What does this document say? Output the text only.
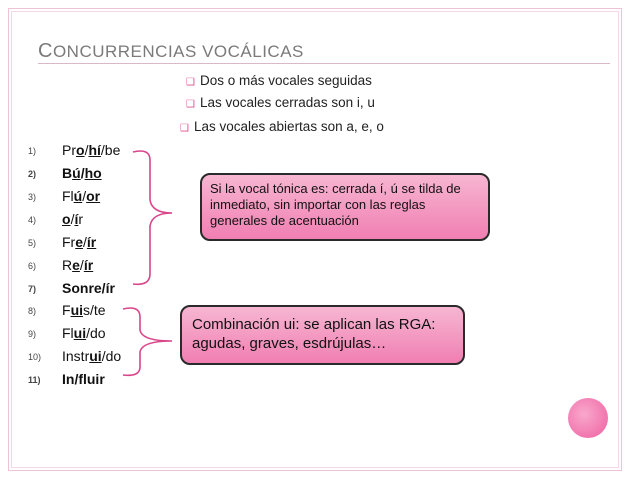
CONCURRENCIAS VOCÁLICAS
❑ Dos o más vocales seguidas
❑ Las vocales cerradas son i, u
❑ Las vocales abiertas son a, e, o
1)	Pro/hí/be
2)	Bú/ho
3)	Flú/or
4)	o/ír
5)	Fre/ír
6)	Re/ír
7)	Sonre/ír
8)	Fuis/te
9)	Flui/do
10)	Instrui/do
11)	In/fluir
Si la vocal tónica es: cerrada í, ú se tilda de inmediato, sin importar con las reglas generales de acentuación
Combinación ui: se aplican las RGA: agudas, graves, esdrújulas…
